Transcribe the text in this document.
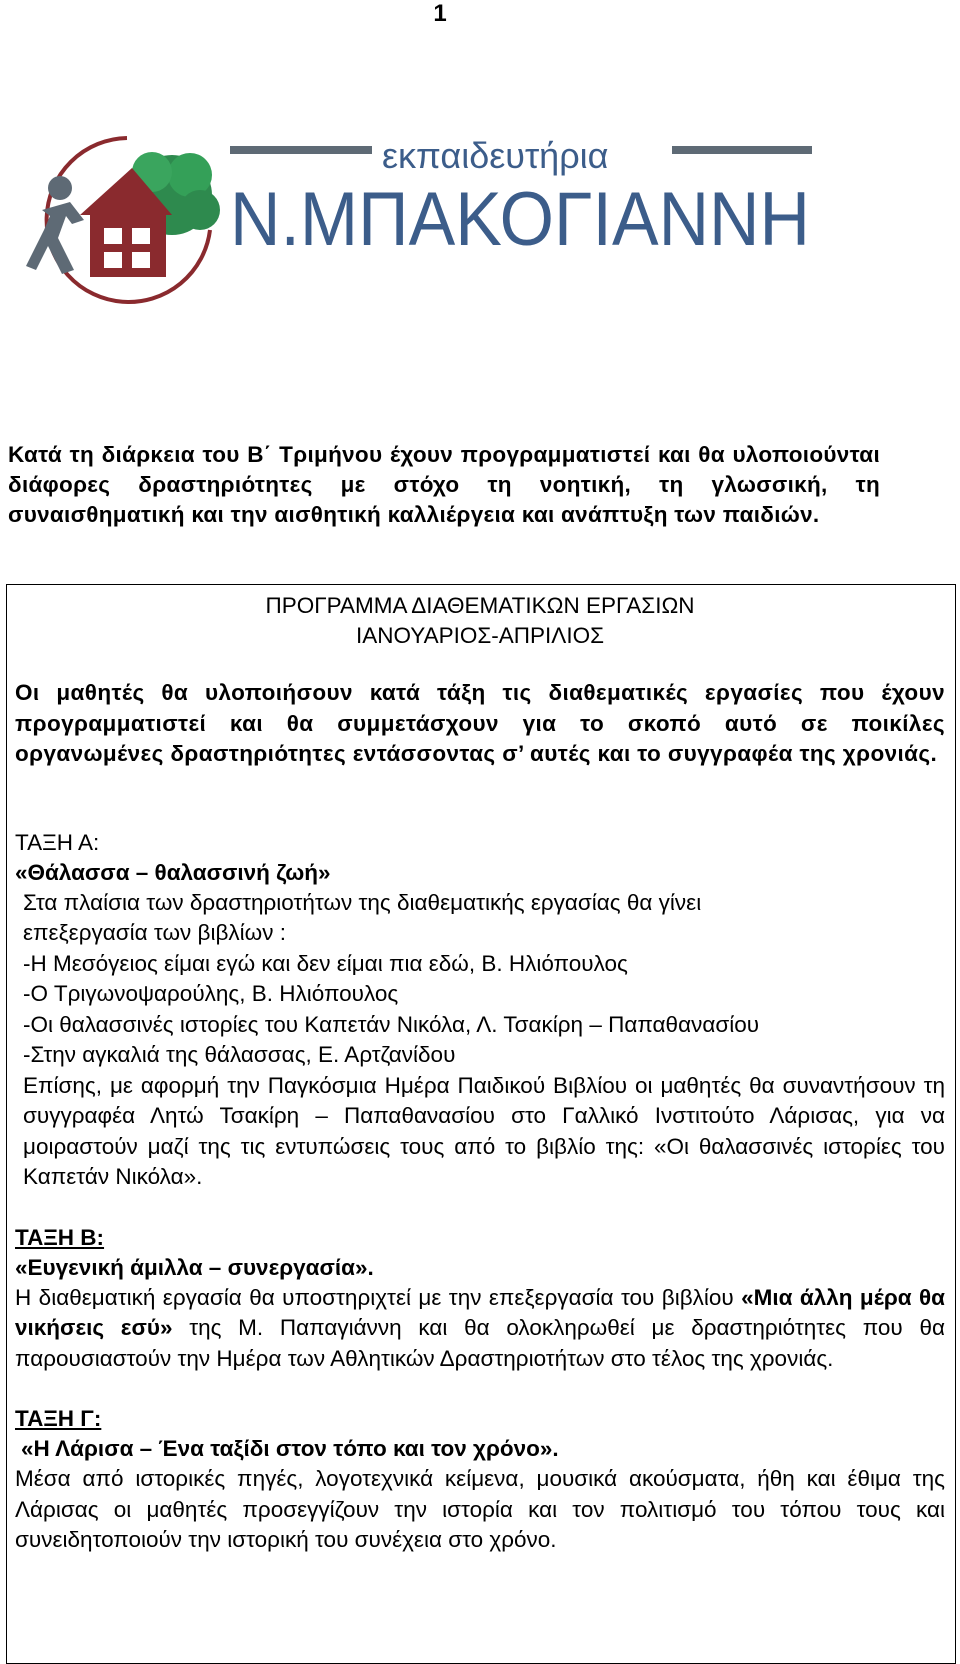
1
εκπαιδευτήρια
Ν.ΜΠΑΚΟΓΙΑΝΝΗ

Κατά τη διάρκεια του Β΄ Τριμήνου έχουν προγραμματιστεί και θα υλοποιούνται διάφορες δραστηριότητες με στόχο τη νοητική, τη γλωσσική, τη συναισθηματική και την αισθητική καλλιέργεια και ανάπτυξη των παιδιών.

ΠΡΟΓΡΑΜΜΑ ΔΙΑΘΕΜΑΤΙΚΩΝ ΕΡΓΑΣΙΩΝ

ΙΑΝΟΥΑΡΙΟΣ-ΑΠΡΙΛΙΟΣ

Οι μαθητές θα υλοποιήσουν κατά τάξη τις διαθεματικές εργασίες που έχουν προγραμματιστεί και θα συμμετάσχουν για το σκοπό αυτό σε ποικίλες οργανωμένες δραστηριότητες εντάσσοντας σ’ αυτές και το συγγραφέα της χρονιάς.

ΤΑΞΗ Α:

«Θάλασσα – θαλασσινή ζωή»

Στα πλαίσια των δραστηριοτήτων της διαθεματικής εργασίας θα γίνει

επεξεργασία των βιβλίων :

-Η Μεσόγειος είμαι εγώ και δεν είμαι πια εδώ, Β. Ηλιόπουλος

-Ο Τριγωνοψαρούλης, Β. Ηλιόπουλος

-Οι θαλασσινές ιστορίες του Καπετάν Νικόλα, Λ. Τσακίρη – Παπαθανασίου

-Στην αγκαλιά της θάλασσας, Ε. Αρτζανίδου

Επίσης, με αφορμή την Παγκόσμια Ημέρα Παιδικού Βιβλίου οι μαθητές θα συναντήσουν τη συγγραφέα Λητώ Τσακίρη – Παπαθανασίου στο Γαλλικό Ινστιτούτο Λάρισας, για να μοιραστούν μαζί της τις εντυπώσεις τους από το βιβλίο της: «Οι θαλασσινές ιστορίες του Καπετάν Νικόλα».

ΤΑΞΗ Β:

«Ευγενική άμιλλα – συνεργασία».

Η διαθεματική εργασία θα υποστηριχτεί με την επεξεργασία του βιβλίου «Μια άλλη μέρα θα νικήσεις εσύ» της Μ. Παπαγιάννη και θα ολοκληρωθεί με δραστηριότητες που θα παρουσιαστούν την Ημέρα των Αθλητικών Δραστηριοτήτων στο τέλος της χρονιάς.

ΤΑΞΗ Γ:

«Η Λάρισα – Ένα ταξίδι στον τόπο και τον χρόνο».

Μέσα από ιστορικές πηγές, λογοτεχνικά κείμενα, μουσικά ακούσματα, ήθη και έθιμα της Λάρισας οι μαθητές προσεγγίζουν την ιστορία και τον πολιτισμό του τόπου τους και συνειδητοποιούν την ιστορική του συνέχεια στο χρόνο.
